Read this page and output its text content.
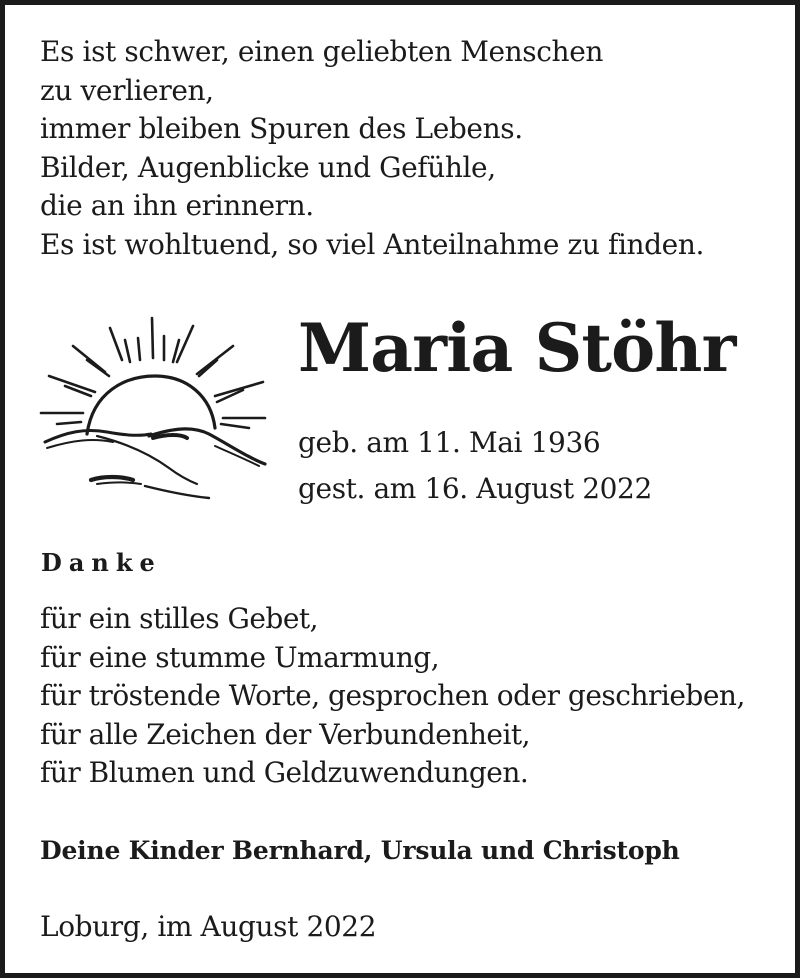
Es ist schwer, einen geliebten Menschen
zu verlieren,
immer bleiben Spuren des Lebens.
Bilder, Augenblicke und Gefühle,
die an ihn erinnern.
Es ist wohltuend, so viel Anteilnahme zu finden.

Maria Stöhr
geb. am 11. Mai 1936
gest. am 16. August 2022
Danke

für ein stilles Gebet,
für eine stumme Umarmung,
für tröstende Worte, gesprochen oder geschrieben,
für alle Zeichen der Verbundenheit,
für Blumen und Geldzuwendungen.

Deine Kinder Bernhard, Ursula und Christoph

Loburg, im August 2022
